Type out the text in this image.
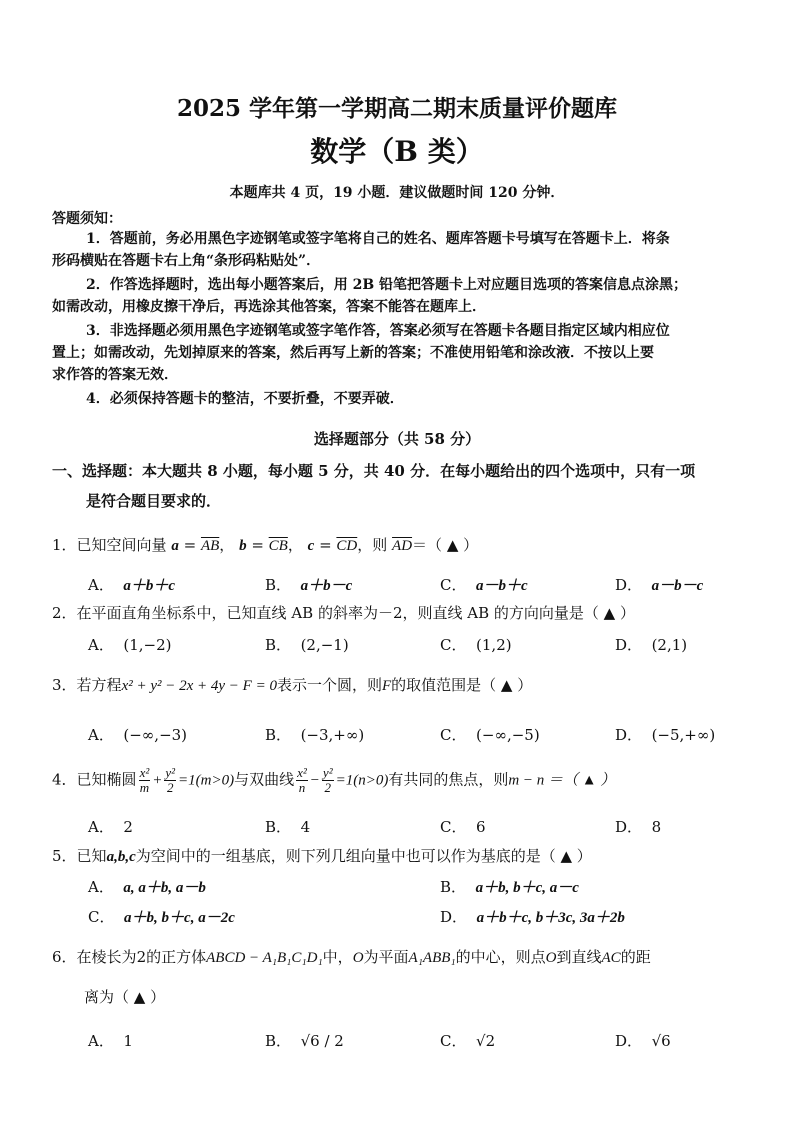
2025 学年第一学期高二期末质量评价题库
数学（B 类）
本题库共 4 页，19 小题．建议做题时间 120 分钟．
答题须知：
1．答题前，务必用黑色字迹钢笔或签字笔将自己的姓名、题库答题卡号填写在答题卡上．将条
形码横贴在答题卡右上角“条形码粘贴处”．
2．作答选择题时，选出每小题答案后，用 2B 铅笔把答题卡上对应题目选项的答案信息点涂黑；
如需改动，用橡皮擦干净后，再选涂其他答案，答案不能答在题库上．
3．非选择题必须用黑色字迹钢笔或签字笔作答，答案必须写在答题卡各题目指定区域内相应位
置上；如需改动，先划掉原来的答案，然后再写上新的答案；不准使用铅笔和涂改液．不按以上要
求作答的答案无效．
4．必须保持答题卡的整洁，不要折叠，不要弄破．
选择题部分（共 58 分）
一、选择题：本大题共 8 小题，每小题 5 分，共 40 分．在每小题给出的四个选项中，只有一项
是符合题目要求的．
1．已知空间向量 $a = \overline{AB}$， $b = \overline{CB}$， $c = \overline{CD}$，则 $\overline{AD}=$（ ▲ ）
A． a＋b＋c	B． a＋b－c	C． a－b＋c	D． a－b－c
2．在平面直角坐标系中，已知直线 AB 的斜率为－2，则直线 AB 的方向向量是（ ▲ ）
A． (1,−2)	B． (2,−1)	C． (1,2)	D． (2,1)
3．若方程x² + y² − 2x + 4y − F = 0表示一个圆，则F的取值范围是（ ▲ ）
A． (−∞,−3)	B． (−3,+∞)	C． (−∞,−5)	D． (−5,+∞)
4．已知椭圆 $\frac{\text{x²}}{m} + \frac{\text{y²}}{2} =1(m>0)$与双曲线 $\frac{\text{x²}}{n} - \frac{\text{y²}}{2} =1(n>0)$有共同的焦点，则m − n ＝（ ▲ ）
A． 2	B． 4	C． 6	D． 8
5．已知a,b,c为空间中的一组基底，则下列几组向量中也可以作为基底的是（ ▲ ）
A． a, a＋b, a－b	B． a＋b, b＋c, a－c
C． a＋b, b＋c, a－2c	D． a＋b＋c, b＋3c, 3a＋2b
6．在棱长为2的正方体ABCD − A₁B₁C₁D₁中，O为平面A₁ABB₁的中心，则点O到直线AC的距
离为（ ▲ ）
A． 1	B． √6 / 2	C． √2	D． √6
